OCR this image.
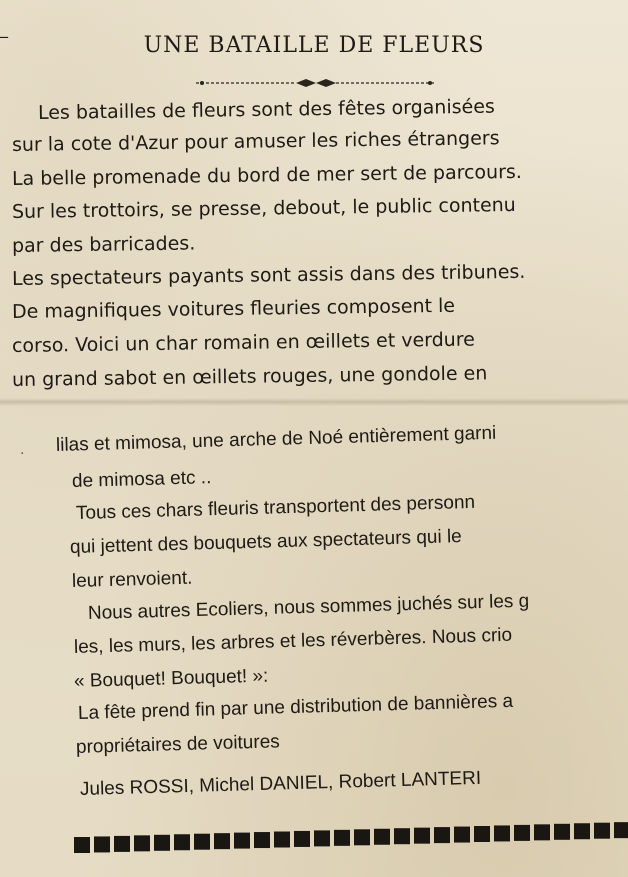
‾	UNE BATAILLE DE FLEURS
Les batailles de fleurs sont des fêtes organisées
sur la cote d'Azur pour amuser les riches étrangers
La belle promenade du bord de mer sert de parcours.
Sur les trottoirs, se presse, debout, le public contenu
par des barricades.
Les spectateurs payants sont assis dans des tribunes.
De magnifiques voitures fleuries composent le
corso. Voici un char romain en œillets et verdure
un grand sabot en œillets rouges, une gondole en
· lilas et mimosa, une arche de Noé entièrement garni
de mimosa etc ..
Tous ces chars fleuris transportent des personn
qui jettent des bouquets aux spectateurs qui le
leur renvoient.
Nous autres Ecoliers, nous sommes juchés sur les g
les, les murs, les arbres et les réverbères. Nous crio
« Bouquet! Bouquet! »:
La fête prend fin par une distribution de bannières a
propriétaires de voitures
Jules ROSSI, Michel DANIEL, Robert LANTERI
